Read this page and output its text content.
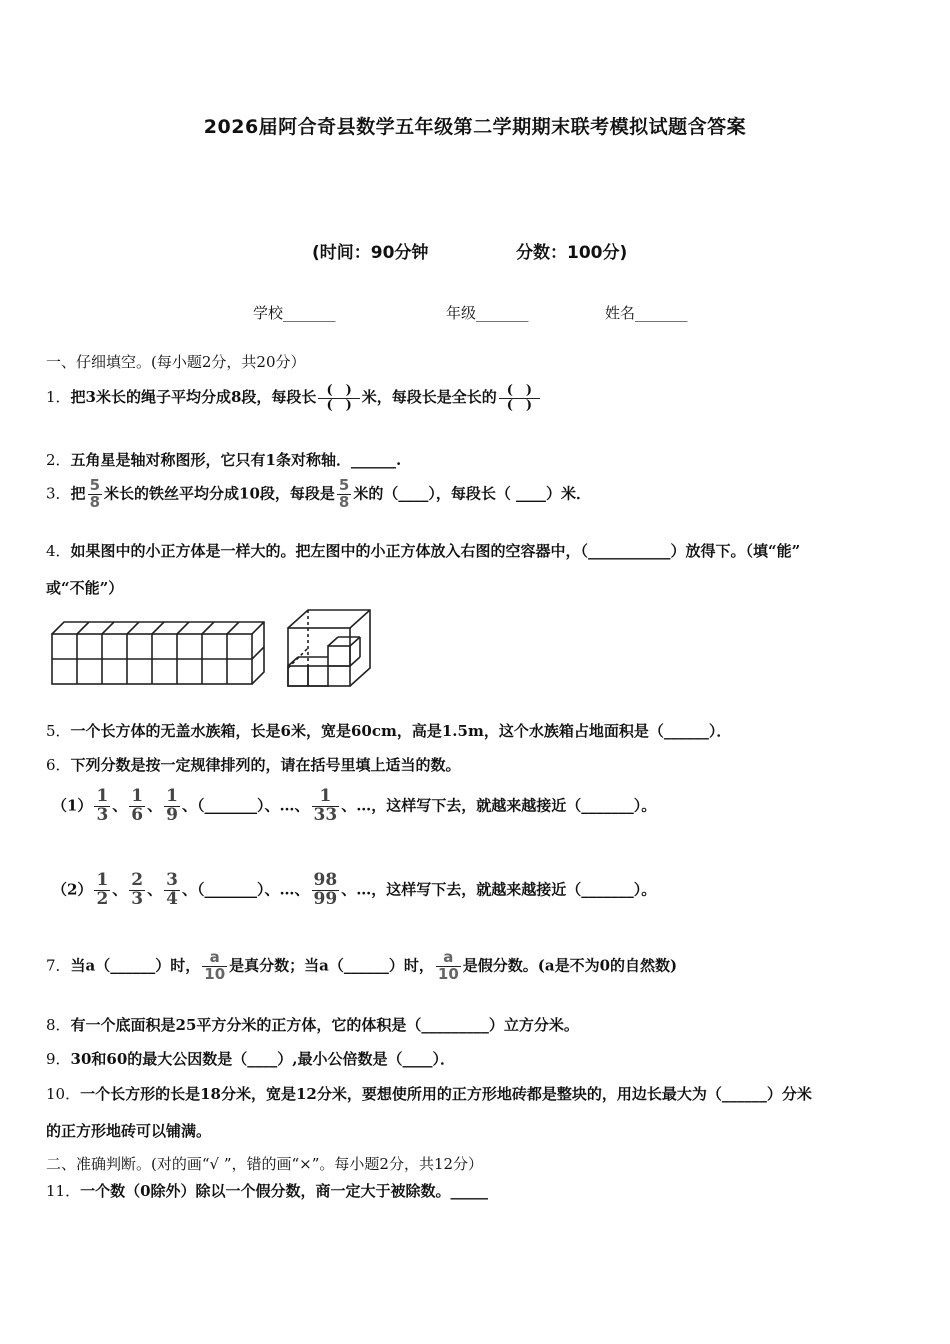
2026届阿合奇县数学五年级第二学期期末联考模拟试题含答案
(时间：90分钟	分数：100分)
学校_______	年级_______	姓名_______
一、仔细填空。(每小题2分，共20分）
1．把3米长的绳子平均分成8段，每段长 $\frac{( )}{( )}$ 米，每段长是全长的 $\frac{( )}{( )}$
2．五角星是轴对称图形，它只有1条对称轴．______.
3．把 $\frac{5}{8}$ 米长的铁丝平均分成10段，每段是 $\frac{5}{8}$ 米的（____），每段长（ ____）米．
4．如果图中的小正方体是一样大的。把左图中的小正方体放入右图的空容器中，（___________）放得下。（填“能”
或“不能”）
5．一个长方体的无盖水族箱，长是6米，宽是60cm，高是1.5m，这个水族箱占地面积是（______）．
6．下列分数是按一定规律排列的，请在括号里填上适当的数。
$(1) \frac{1}{3}$ 、 $\frac{1}{6}$ 、 $\frac{1}{9}$ 、（_______）、…、 $\frac{1}{33}$ 、…，这样写下去，就越来越接近（_______）。
$(2) \frac{1}{2}$ 、 $\frac{2}{3}$ 、 $\frac{3}{4}$ 、（_______）、…、 $\frac{98}{99}$ 、…，这样写下去，就越来越接近（_______）。
7．当a（______）时， $\frac{a}{10}$ 是真分数；当a（______）时， $\frac{a}{10}$ 是假分数。(a是不为0的自然数)
8．有一个底面积是25平方分米的正方体，它的体积是（_________）立方分米。
9．30和60的最大公因数是（____）,最小公倍数是（____）．
10．一个长方形的长是18分米，宽是12分米，要想使所用的正方形地砖都是整块的，用边长最大为（______）分米
的正方形地砖可以铺满。
二、准确判断。(对的画“√ ”，错的画“×”。每小题2分，共12分）
11．一个数（0除外）除以一个假分数，商一定大于被除数。_____
